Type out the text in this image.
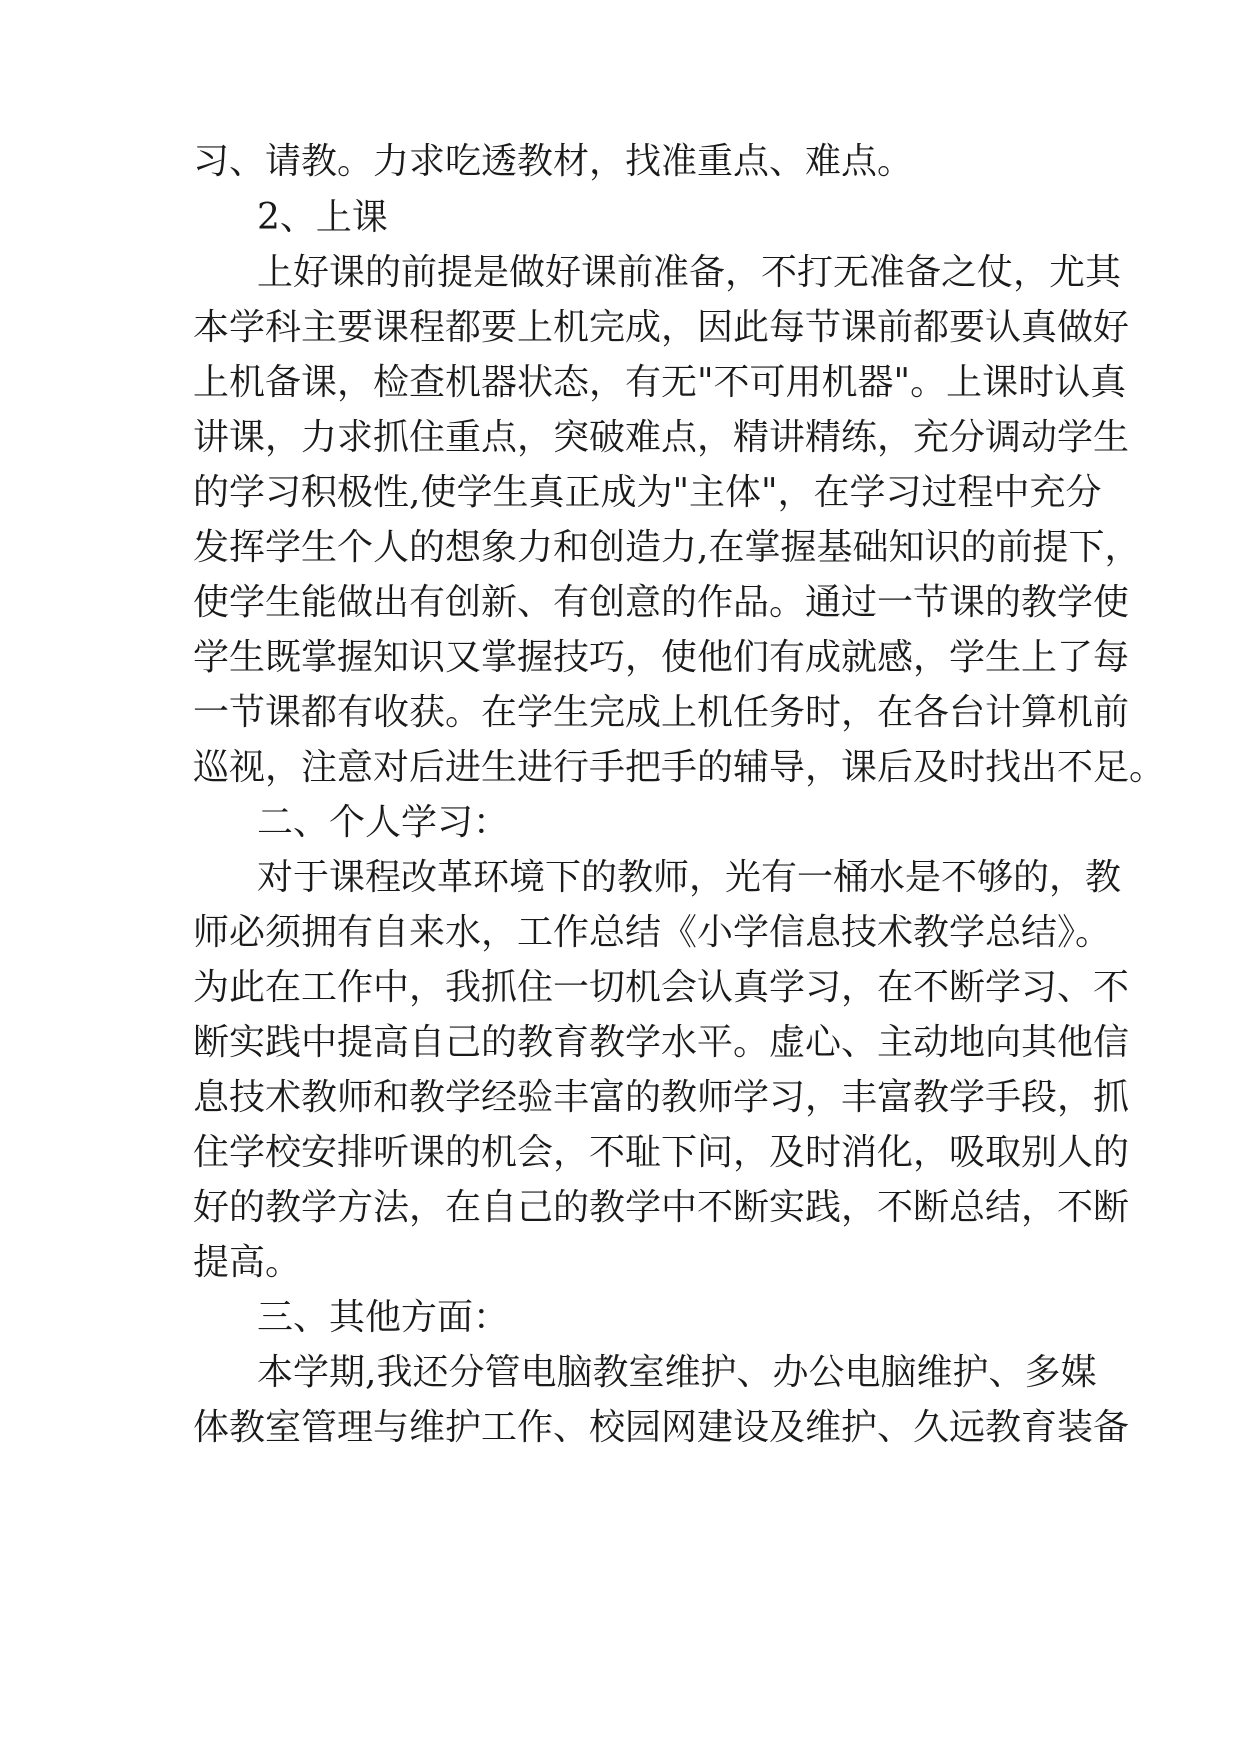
习、请教。力求吃透教材，找准重点、难点。
2、上课
上好课的前提是做好课前准备，不打无准备之仗，尤其
本学科主要课程都要上机完成，因此每节课前都要认真做好
上机备课，检查机器状态，有无"不可用机器"。上课时认真
讲课，力求抓住重点，突破难点，精讲精练，充分调动学生
的学习积极性,使学生真正成为"主体"，在学习过程中充分
发挥学生个人的想象力和创造力,在掌握基础知识的前提下，
使学生能做出有创新、有创意的作品。通过一节课的教学使
学生既掌握知识又掌握技巧，使他们有成就感，学生上了每
一节课都有收获。在学生完成上机任务时，在各台计算机前
巡视，注意对后进生进行手把手的辅导，课后及时找出不足。
二、个人学习：
对于课程改革环境下的教师，光有一桶水是不够的，教
师必须拥有自来水，工作总结《小学信息技术教学总结》。
为此在工作中，我抓住一切机会认真学习，在不断学习、不
断实践中提高自己的教育教学水平。虚心、主动地向其他信
息技术教师和教学经验丰富的教师学习，丰富教学手段，抓
住学校安排听课的机会，不耻下问，及时消化，吸取别人的
好的教学方法，在自己的教学中不断实践，不断总结，不断
提高。
三、其他方面：
本学期,我还分管电脑教室维护、办公电脑维护、多媒
体教室管理与维护工作、校园网建设及维护、久远教育装备
